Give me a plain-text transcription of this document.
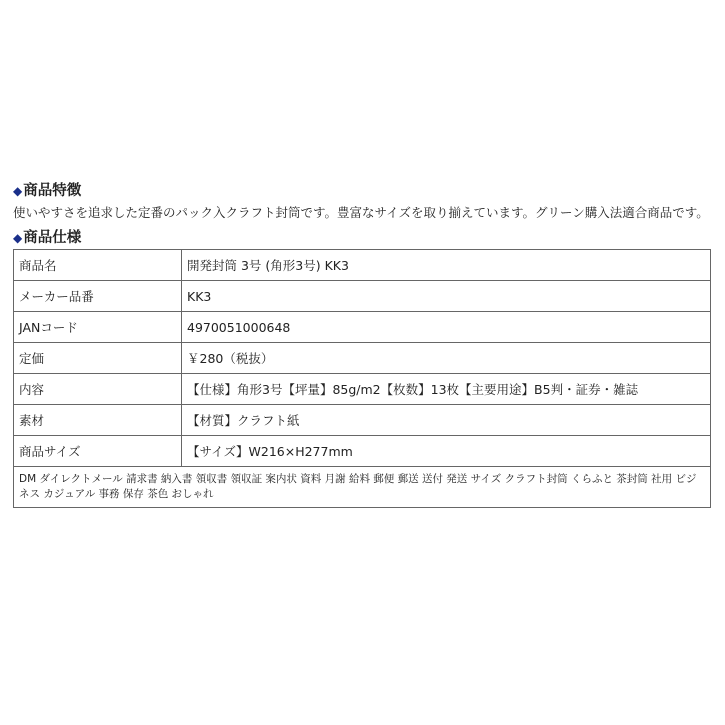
◆商品特徴

使いやすさを追求した定番のパック入クラフト封筒です。豊富なサイズを取り揃えています。グリーン購入法適合商品です。

◆商品仕様
商品名	開発封筒 3号 (角形3号) KK3
メーカー品番	KK3
JANコード	4970051000648
定価	￥280（税抜）
内容	【仕様】角形3号【坪量】85g/m2【枚数】13枚【主要用途】B5判・証券・雑誌
素材	【材質】クラフト紙
商品サイズ	【サイズ】W216×H277mm
DM ダイレクトメール 請求書 納入書 領収書 領収証 案内状 資料 月謝 給料 郵便 郵送 送付 発送 サイズ クラフト封筒 くらふと 茶封筒 社用 ビジネス カジュアル 事務 保存 茶色 おしゃれ	
